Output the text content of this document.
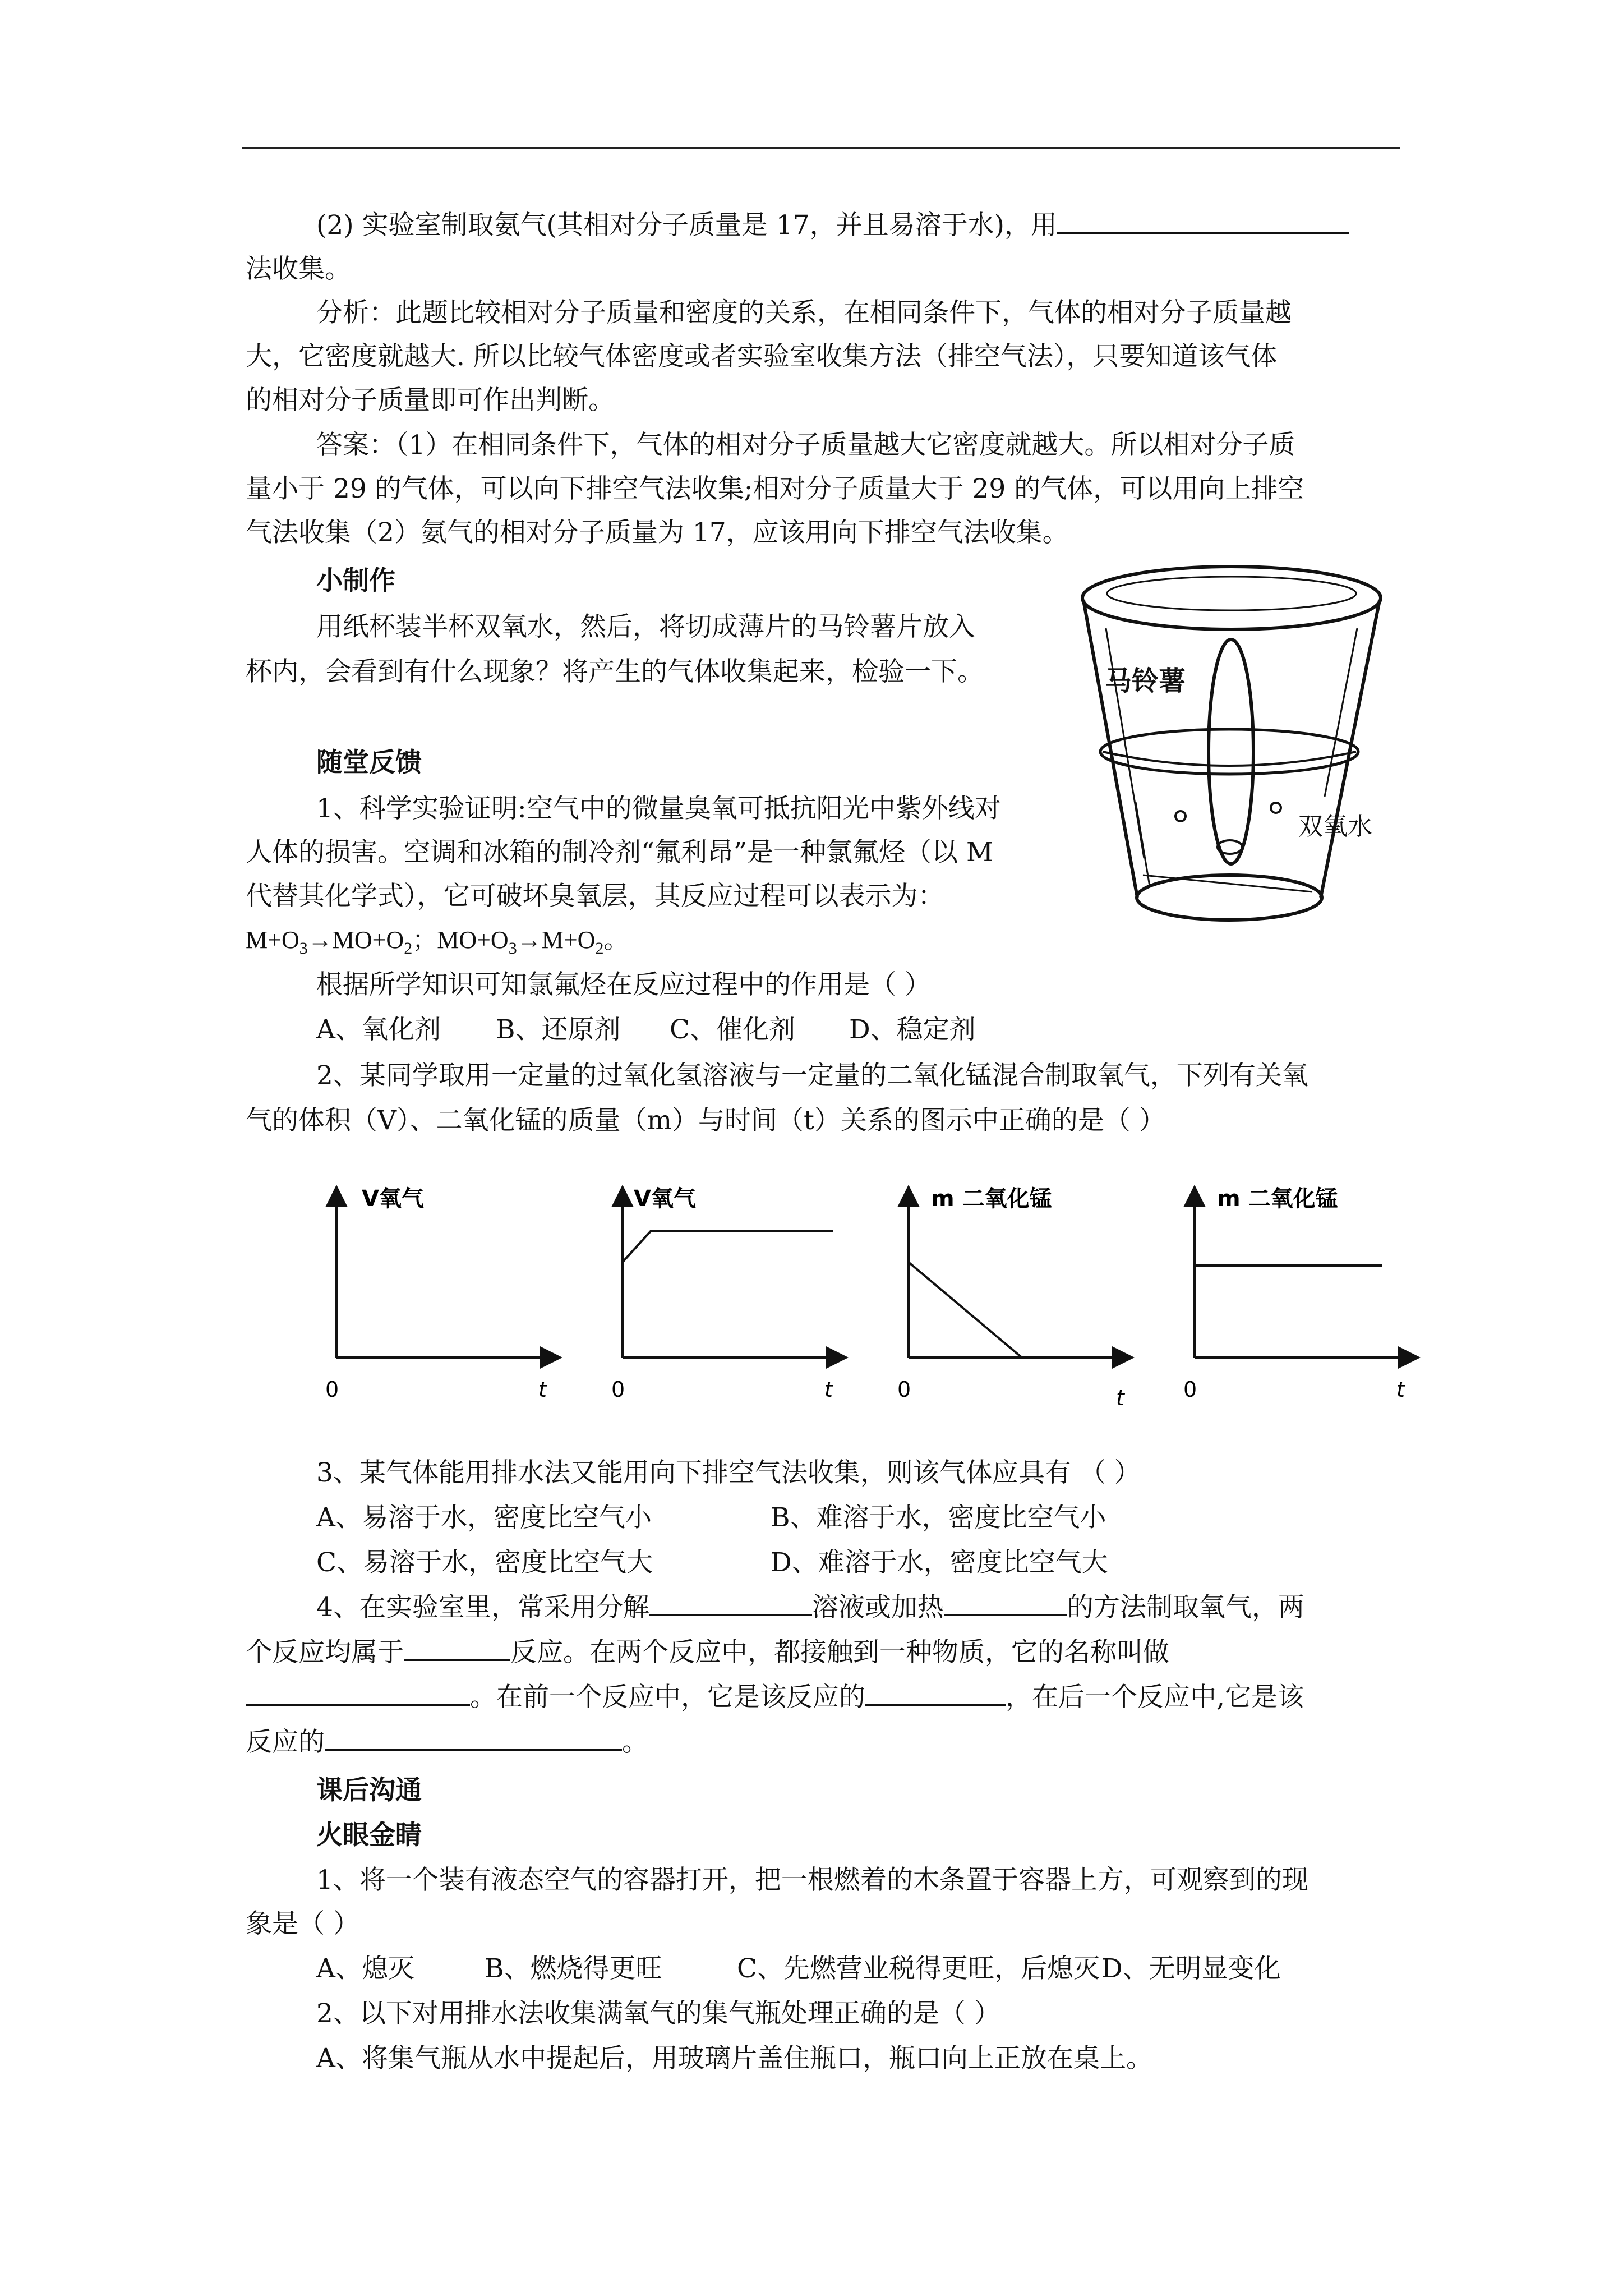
(2) 实验室制取氨气(其相对分子质量是 17，并且易溶于水)，用
法收集。
分析：此题比较相对分子质量和密度的关系，在相同条件下，气体的相对分子质量越
大，它密度就越大. 所以比较气体密度或者实验室收集方法（排空气法），只要知道该气体
的相对分子质量即可作出判断。
答案：（1）在相同条件下，气体的相对分子质量越大它密度就越大。所以相对分子质
量小于 29 的气体，可以向下排空气法收集;相对分子质量大于 29 的气体，可以用向上排空
气法收集（2）氨气的相对分子质量为 17，应该用向下排空气法收集。
小制作
用纸杯装半杯双氧水，然后，将切成薄片的马铃薯片放入
杯内，会看到有什么现象？将产生的气体收集起来，检验一下。	马铃薯
双氧水
随堂反馈
1、科学实验证明:空气中的微量臭氧可抵抗阳光中紫外线对
人体的损害。空调和冰箱的制冷剂“氟利昂”是一种氯氟烃（以 M
代替其化学式），它可破坏臭氧层，其反应过程可以表示为：
$M+O_3\to MO+O_2$；$MO+O_3\to M+O_2$。
根据所学知识可知氯氟烃在反应过程中的作用是（ ）
A、氧化剂 B、还原剂 C、催化剂 D、稳定剂
2、某同学取用一定量的过氧化氢溶液与一定量的二氧化锰混合制取氧气，下列有关氧
气的体积（V）、二氧化锰的质量（m）与时间（t）关系的图示中正确的是（ ）
V氧气
0	t
V氧气
0	t
m 二氧化锰
0	t
m 二氧化锰
0	t
3、某气体能用排水法又能用向下排空气法收集，则该气体应具有 （ ）
A、易溶于水，密度比空气小	B、难溶于水，密度比空气小
C、易溶于水，密度比空气大	D、难溶于水，密度比空气大
4、在实验室里，常采用分解	溶液或加热	的方法制取氧气，两
个反应均属于	反应。在两个反应中，都接触到一种物质，它的名称叫做
。在前一个反应中，它是该反应的	，在后一个反应中,它是该
反应的	。
课后沟通
火眼金睛
1、将一个装有液态空气的容器打开，把一根燃着的木条置于容器上方，可观察到的现
象是（ ）
A、熄灭	B、燃烧得更旺	C、先燃营业税得更旺，后熄灭D、无明显变化
2、以下对用排水法收集满氧气的集气瓶处理正确的是（ ）
A、将集气瓶从水中提起后，用玻璃片盖住瓶口，瓶口向上正放在桌上。
